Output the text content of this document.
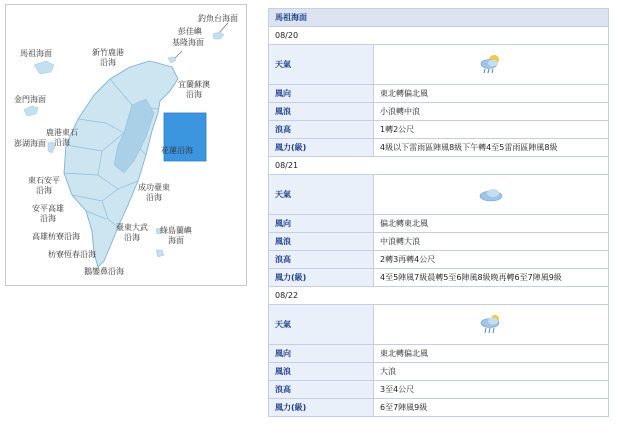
釣魚台海面
彭佳嶼
基隆海面
馬祖海面	新竹鹿港
沿海
宜蘭蘇澳
沿海
金門海面
鹿港東石
沿海
澎湖海面
花蓮沿海
東石安平
沿海	成功臺東
沿海
安平高雄
沿海
臺東大武
沿海
綠島蘭嶼
海面
高雄枋寮沿海
枋寮恆春沿海
鵝鑾鼻沿海
馬祖海面	
08/20	
天氣	
風向	東北轉偏北風
風浪	小浪轉中浪
浪高	1轉2公尺
風力(級)	4級以下雷雨區陣風8級下午轉4至5雷雨區陣風8級
08/21	
天氣	
風向	偏北轉東北風
風浪	中浪轉大浪
浪高	2轉3再轉4公尺
風力(級)	4至5陣風7級晨轉5至6陣風8級晚再轉6至7陣風9級
08/22	
天氣	
風向	東北轉偏北風
風浪	大浪
浪高	3至4公尺
風力(級)	6至7陣風9級
